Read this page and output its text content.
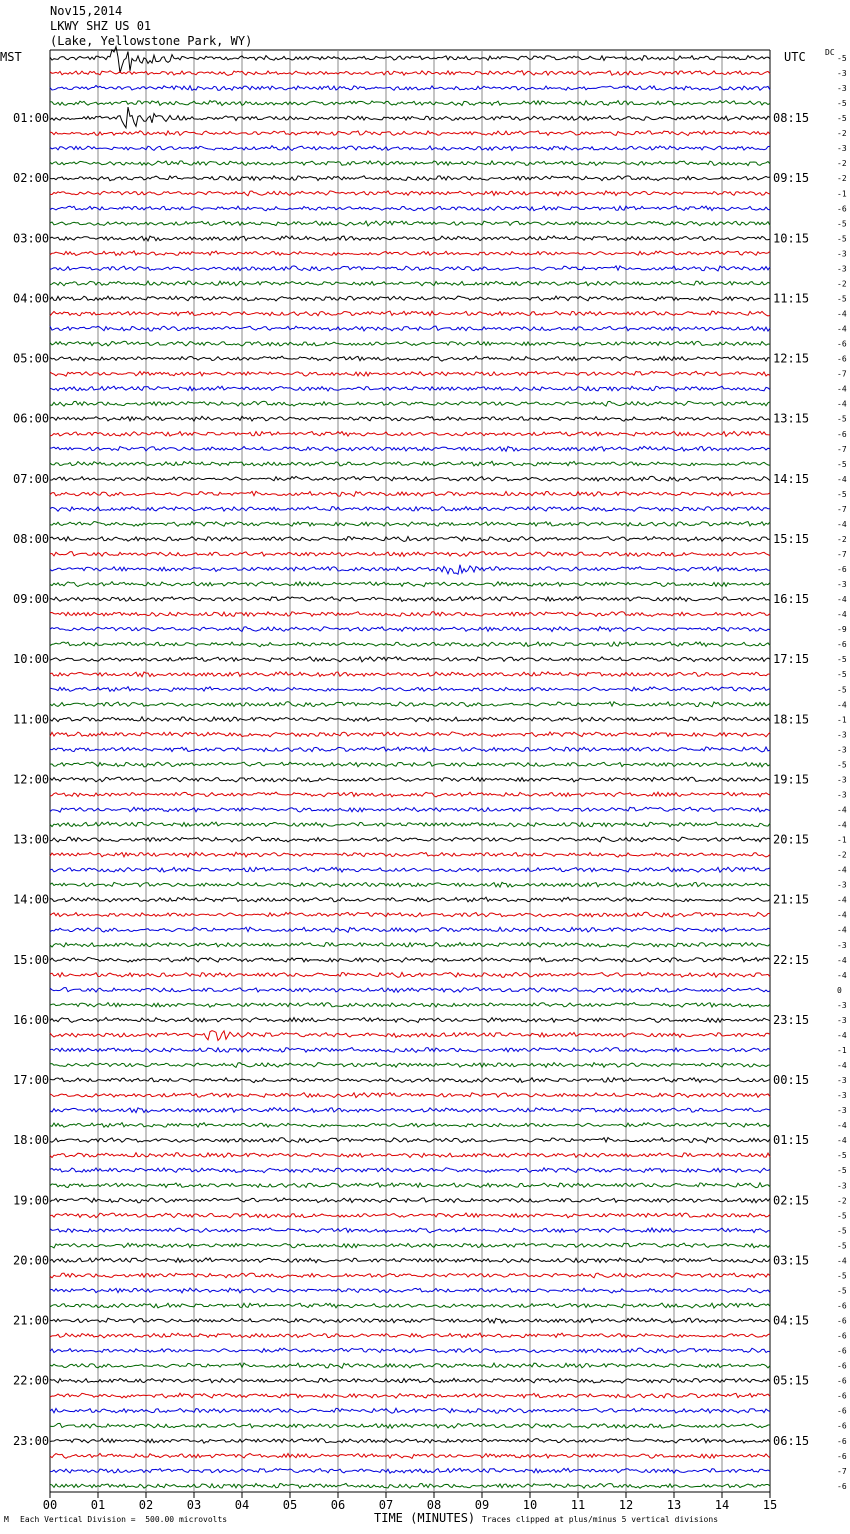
00	01	02	03	04	05	06	07	08	09	10	11	12	13	14	15
-5
-3
-3
-5
-5
-2
-3
-2
-2
-1
-6
-5
-5
-3
-3
-2
-5
-4
-4
-6
-6
-7
-4
-4
-5
-6
-7
-5
-4
-5
-7
-4
-2
-7
-6
-3
-4
-4
-9
-6
-5
-5
-5
-4
-1
-3
-3
-5
-3
-3
-4
-4
-1
-2
-4
-3
-4
-4
-4
-3
-4
-4
0
-3
-3
-4
-1
-4
-3
-3
-3
-4
-4
-5
-5
-3
-2
-5
-5
-5
-4
-5
-5
-6
-6
-6
-6
-6
-6
-6
-6
-6
-6
-6
-7
-6
01:00
02:00
03:00
04:00
05:00
06:00
07:00
08:00
09:00
10:00
11:00
12:00
13:00
14:00
15:00
16:00
17:00
18:00
19:00
20:00
21:00
22:00
23:00
08:15
09:15
10:15
11:15
12:15
13:15
14:15
15:15
16:15
17:15
18:15
19:15
20:15
21:15
22:15
23:15
00:15
01:15
02:15
03:15
04:15
05:15
06:15
Nov15,2014
LKWY SHZ US 01
(Lake, Yellowstone Park, WY)
MST	UTC DC
TIME (MINUTES)
M Each Vertical Division =  500.00 microvolts	Traces clipped at plus/minus 5 vertical divisions
